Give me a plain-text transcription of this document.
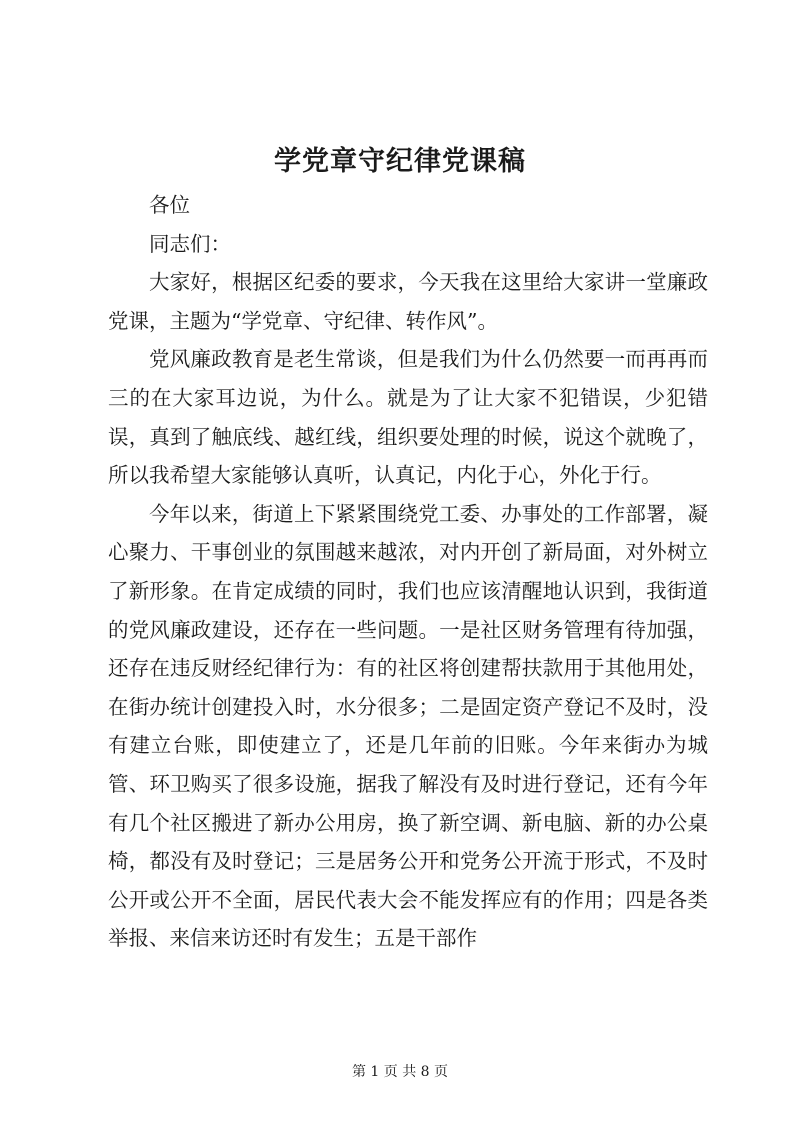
学党章守纪律党课稿

各位

同志们：

大家好，根据区纪委的要求，今天我在这里给大家讲一堂廉政党课，主题为“学党章、守纪律、转作风”。

党风廉政教育是老生常谈，但是我们为什么仍然要一而再再而三的在大家耳边说，为什么。就是为了让大家不犯错误，少犯错误，真到了触底线、越红线，组织要处理的时候，说这个就晚了，所以我希望大家能够认真听，认真记，内化于心，外化于行。

今年以来，街道上下紧紧围绕党工委、办事处的工作部署，凝心聚力、干事创业的氛围越来越浓，对内开创了新局面，对外树立了新形象。在肯定成绩的同时，我们也应该清醒地认识到，我街道的党风廉政建设，还存在一些问题。一是社区财务管理有待加强，还存在违反财经纪律行为：有的社区将创建帮扶款用于其他用处，在街办统计创建投入时，水分很多；二是固定资产登记不及时，没有建立台账，即使建立了，还是几年前的旧账。今年来街办为城管、环卫购买了很多设施，据我了解没有及时进行登记，还有今年有几个社区搬进了新办公用房，换了新空调、新电脑、新的办公桌椅，都没有及时登记；三是居务公开和党务公开流于形式，不及时公开或公开不全面，居民代表大会不能发挥应有的作用；四是各类举报、来信来访还时有发生；五是干部作

第 1 页 共 8 页
